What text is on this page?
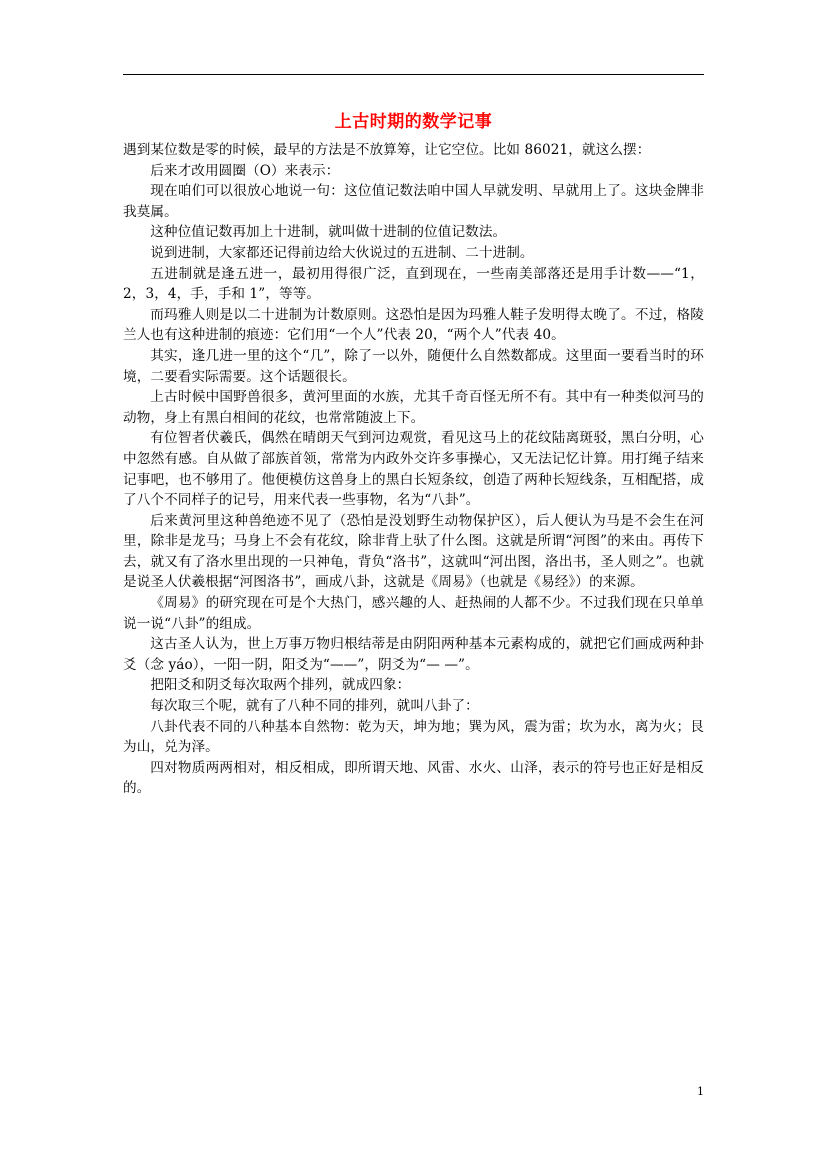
上古时期的数学记事

遇到某位数是零的时候，最早的方法是不放算筹，让它空位。比如 86021，就这么摆：

后来才改用圆圈（O）来表示：

现在咱们可以很放心地说一句：这位值记数法咱中国人早就发明、早就用上了。这块金牌非我莫属。

这种位值记数再加上十进制，就叫做十进制的位值记数法。

说到进制，大家都还记得前边给大伙说过的五进制、二十进制。

五进制就是逢五进一，最初用得很广泛，直到现在，一些南美部落还是用手计数——“1，2，3，4，手，手和 1”，等等。

而玛雅人则是以二十进制为计数原则。这恐怕是因为玛雅人鞋子发明得太晚了。不过，格陵兰人也有这种进制的痕迹：它们用“一个人”代表 20，“两个人”代表 40。

其实，逢几进一里的这个“几”，除了一以外，随便什么自然数都成。这里面一要看当时的环境，二要看实际需要。这个话题很长。

上古时候中国野兽很多，黄河里面的水族，尤其千奇百怪无所不有。其中有一种类似河马的动物，身上有黑白相间的花纹，也常常随波上下。

有位智者伏羲氏，偶然在晴朗天气到河边观赏，看见这马上的花纹陆离斑驳，黑白分明，心中忽然有感。自从做了部族首领，常常为内政外交许多事操心，又无法记忆计算。用打绳子结来记事吧，也不够用了。他便模仿这兽身上的黑白长短条纹，创造了两种长短线条，互相配搭，成了八个不同样子的记号，用来代表一些事物，名为“八卦”。

后来黄河里这种兽绝迹不见了（恐怕是没划野生动物保护区），后人便认为马是不会生在河里，除非是龙马；马身上不会有花纹，除非背上驮了什么图。这就是所谓“河图”的来由。再传下去，就又有了洛水里出现的一只神龟，背负“洛书”，这就叫“河出图，洛出书，圣人则之”。也就是说圣人伏羲根据“河图洛书”，画成八卦，这就是《周易》（也就是《易经》）的来源。

《周易》的研究现在可是个大热门，感兴趣的人、赶热闹的人都不少。不过我们现在只单单说一说“八卦”的组成。

这古圣人认为，世上万事万物归根结蒂是由阴阳两种基本元素构成的，就把它们画成两种卦爻（念 yáo），一阳一阴，阳爻为“——”，阴爻为“— —”。

把阳爻和阴爻每次取两个排列，就成四象：

每次取三个呢，就有了八种不同的排列，就叫八卦了：

八卦代表不同的八种基本自然物：乾为天，坤为地；巽为风，震为雷；坎为水，离为火；艮为山，兑为泽。

四对物质两两相对，相反相成，即所谓天地、风雷、水火、山泽，表示的符号也正好是相反的。

1
